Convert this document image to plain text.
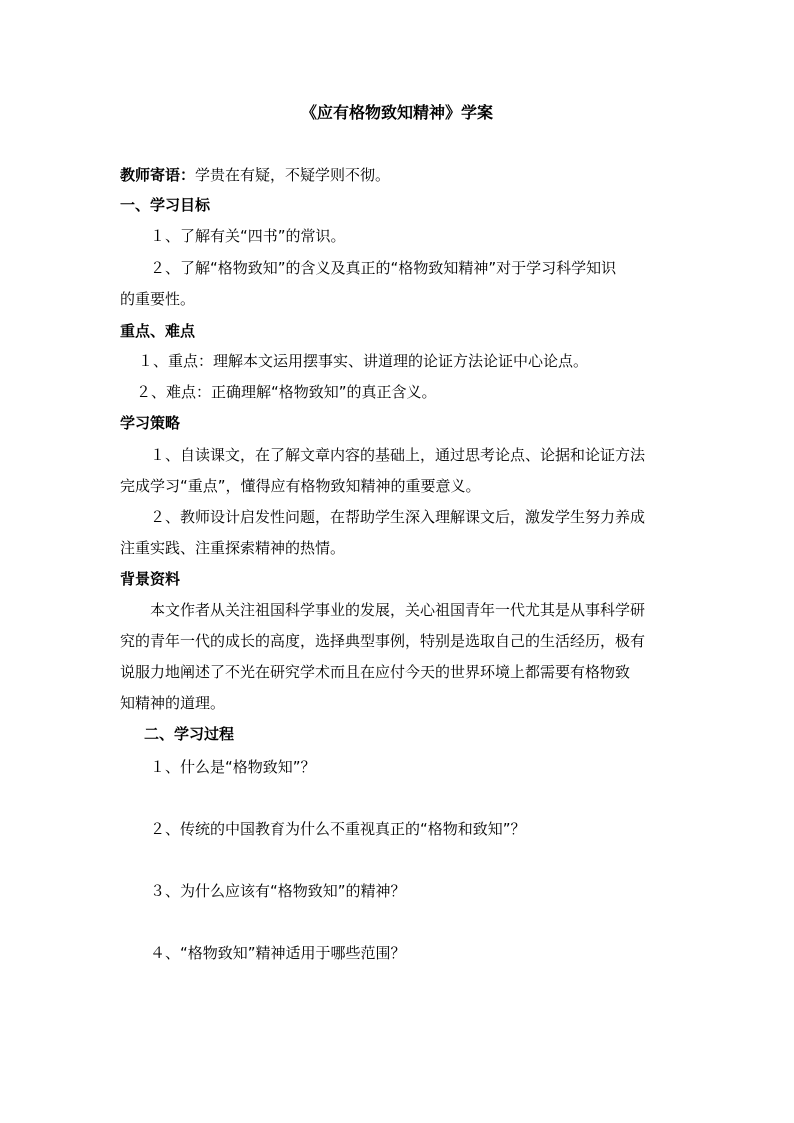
《应有格物致知精神》学案
教师寄语：学贵在有疑，不疑学则不彻。
一、学习目标
１、了解有关“四书”的常识。
２、了解“格物致知”的含义及真正的“格物致知精神”对于学习科学知识
的重要性。
重点、难点
１、重点：理解本文运用摆事实、讲道理的论证方法论证中心论点。
２、难点：正确理解“格物致知”的真正含义。
学习策略
１、自读课文，在了解文章内容的基础上，通过思考论点、论据和论证方法
完成学习“重点”，懂得应有格物致知精神的重要意义。
２、教师设计启发性问题，在帮助学生深入理解课文后，激发学生努力养成
注重实践、注重探索精神的热情。
背景资料
本文作者从关注祖国科学事业的发展，关心祖国青年一代尤其是从事科学研
究的青年一代的成长的高度，选择典型事例，特别是选取自己的生活经历，极有
说服力地阐述了不光在研究学术而且在应付今天的世界环境上都需要有格物致
知精神的道理。
二、学习过程
１、什么是“格物致知”？
２、传统的中国教育为什么不重视真正的“格物和致知”？
３、为什么应该有“格物致知”的精神？
４、“格物致知”精神适用于哪些范围？
